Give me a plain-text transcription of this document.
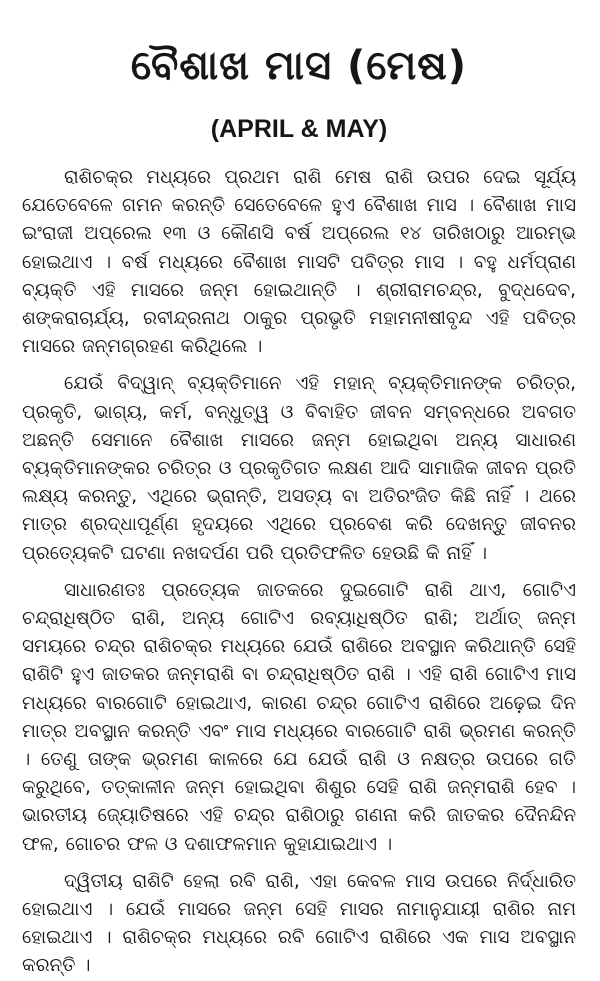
ବୈଶାଖ ମାସ (ମେଷ)
(APRIL & MAY)

ରାଶିଚକ୍ର ମଧ୍ୟରେ ପ୍ରଥମ ରାଶି ମେଷ ରାଶି ଉପର ଦେଇ ସୂର୍ଯ୍ୟ ଯେତେବେଳେ ଗମନ କରନ୍ତି ସେତେବେଳେ ହୁଏ ବୈଶାଖ ମାସ । ବୈଶାଖ ମାସ ଇଂରାଜୀ ଅପ୍ରେଲ ୧୩ ଓ କୌଣସି ବର୍ଷ ଅପ୍ରେଲ ୧୪ ତାରିଖଠାରୁ ଆରମ୍ଭ ହୋଇଥାଏ । ବର୍ଷ ମଧ୍ୟରେ ବୈଶାଖ ମାସଟି ପବିତ୍ର ମାସ । ବହୁ ଧର୍ମପ୍ରାଣ ବ୍ୟକ୍ତି ଏହି ମାସରେ ଜନ୍ମ ହୋଇଥାନ୍ତି । ଶ୍ରୀରାମଚନ୍ଦ୍ର, ବୁଦ୍ଧଦେବ, ଶଙ୍କରାଚାର୍ଯ୍ୟ, ରବୀନ୍ଦ୍ରନାଥ ଠାକୁର ପ୍ରଭୃତି ମହାମନୀଷୀବୃନ୍ଦ ଏହି ପବିତ୍ର ମାସରେ ଜନ୍ମଗ୍ରହଣ କରିଥିଲେ ।

ଯେଉଁ ବିଦ୍ୱାନ୍ ବ୍ୟକ୍ତିମାନେ ଏହି ମହାନ୍ ବ୍ୟକ୍ତିମାନଙ୍କ ଚରିତ୍ର, ପ୍ରକୃତି, ଭାଗ୍ୟ, କର୍ମ, ବନ୍ଧୁତ୍ୱ ଓ ବିବାହିତ ଜୀବନ ସମ୍ବନ୍ଧରେ ଅବଗତ ଅଛନ୍ତି ସେମାନେ ବୈଶାଖ ମାସରେ ଜନ୍ମ ହୋଇଥିବା ଅନ୍ୟ ସାଧାରଣ ବ୍ୟକ୍ତିମାନଙ୍କର ଚରିତ୍ର ଓ ପ୍ରକୃତିଗତ ଲକ୍ଷଣ ଆଦି ସାମାଜିକ ଜୀବନ ପ୍ରତି ଲକ୍ଷ୍ୟ କରନ୍ତୁ, ଏଥିରେ ଭ୍ରାନ୍ତି, ଅସତ୍ୟ ବା ଅତିରଂଜିତ କିଛି ନାହିଁ । ଥରେ ମାତ୍ର ଶ୍ରଦ୍ଧାପୂର୍ଣ୍ଣ ହୃଦୟରେ ଏଥିରେ ପ୍ରବେଶ କରି ଦେଖନ୍ତୁ ଜୀବନର ପ୍ରତ୍ୟେକଟି ଘଟଣା ନଖଦର୍ପଣ ପରି ପ୍ରତିଫଳିତ ହେଉଛି କି ନାହିଁ ।

ସାଧାରଣତଃ ପ୍ରତ୍ୟେକ ଜାତକରେ ଦୁଇଗୋଟି ରାଶି ଥାଏ, ଗୋଟିଏ ଚନ୍ଦ୍ରାଧିଷ୍ଠିତ ରାଶି, ଅନ୍ୟ ଗୋଟିଏ ରବ୍ୟାଧିଷ୍ଠିତ ରାଶି; ଅର୍ଥାତ୍ ଜନ୍ମ ସମୟରେ ଚନ୍ଦ୍ର ରାଶିଚକ୍ର ମଧ୍ୟରେ ଯେଉଁ ରାଶିରେ ଅବସ୍ଥାନ କରିଥାନ୍ତି ସେହି ରାଶିଟି ହୁଏ ଜାତକର ଜନ୍ମରାଶି ବା ଚନ୍ଦ୍ରାଧିଷ୍ଠିତ ରାଶି । ଏହି ରାଶି ଗୋଟିଏ ମାସ ମଧ୍ୟରେ ବାରଗୋଟି ହୋଇଥାଏ, କାରଣ ଚନ୍ଦ୍ର ଗୋଟିଏ ରାଶିରେ ଅଢ଼େଇ ଦିନ ମାତ୍ର ଅବସ୍ଥାନ କରନ୍ତି ଏବଂ ମାସ ମଧ୍ୟରେ ବାରଗୋଟି ରାଶି ଭ୍ରମଣ କରନ୍ତି । ତେଣୁ ତାଙ୍କ ଭ୍ରମଣ କାଳରେ ଯେ ଯେଉଁ ରାଶି ଓ ନକ୍ଷତ୍ର ଉପରେ ଗତି କରୁଥିବେ, ତତ୍କାଳୀନ ଜନ୍ମ ହୋଇଥିବା ଶିଶୁର ସେହି ରାଶି ଜନ୍ମରାଶି ହେବ । ଭାରତୀୟ ଜ୍ୟୋତିଷରେ ଏହି ଚନ୍ଦ୍ର ରାଶିଠାରୁ ଗଣନା କରି ଜାତକର ଦୈନନ୍ଦିନ ଫଳ, ଗୋଚର ଫଳ ଓ ଦଶାଫଳମାନ କୁହାଯାଇଥାଏ ।

ଦ୍ୱିତୀୟ ରାଶିଟି ହେଲା ରବି ରାଶି, ଏହା କେବଳ ମାସ ଉପରେ ନିର୍ଦ୍ଧାରିତ ହୋଇଥାଏ । ଯେଉଁ ମାସରେ ଜନ୍ମ ସେହି ମାସର ନାମାନୁଯାୟୀ ରାଶିର ନାମ ହୋଇଥାଏ । ରାଶିଚକ୍ର ମଧ୍ୟରେ ରବି ଗୋଟିଏ ରାଶିରେ ଏକ ମାସ ଅବସ୍ଥାନ କରନ୍ତି ।
